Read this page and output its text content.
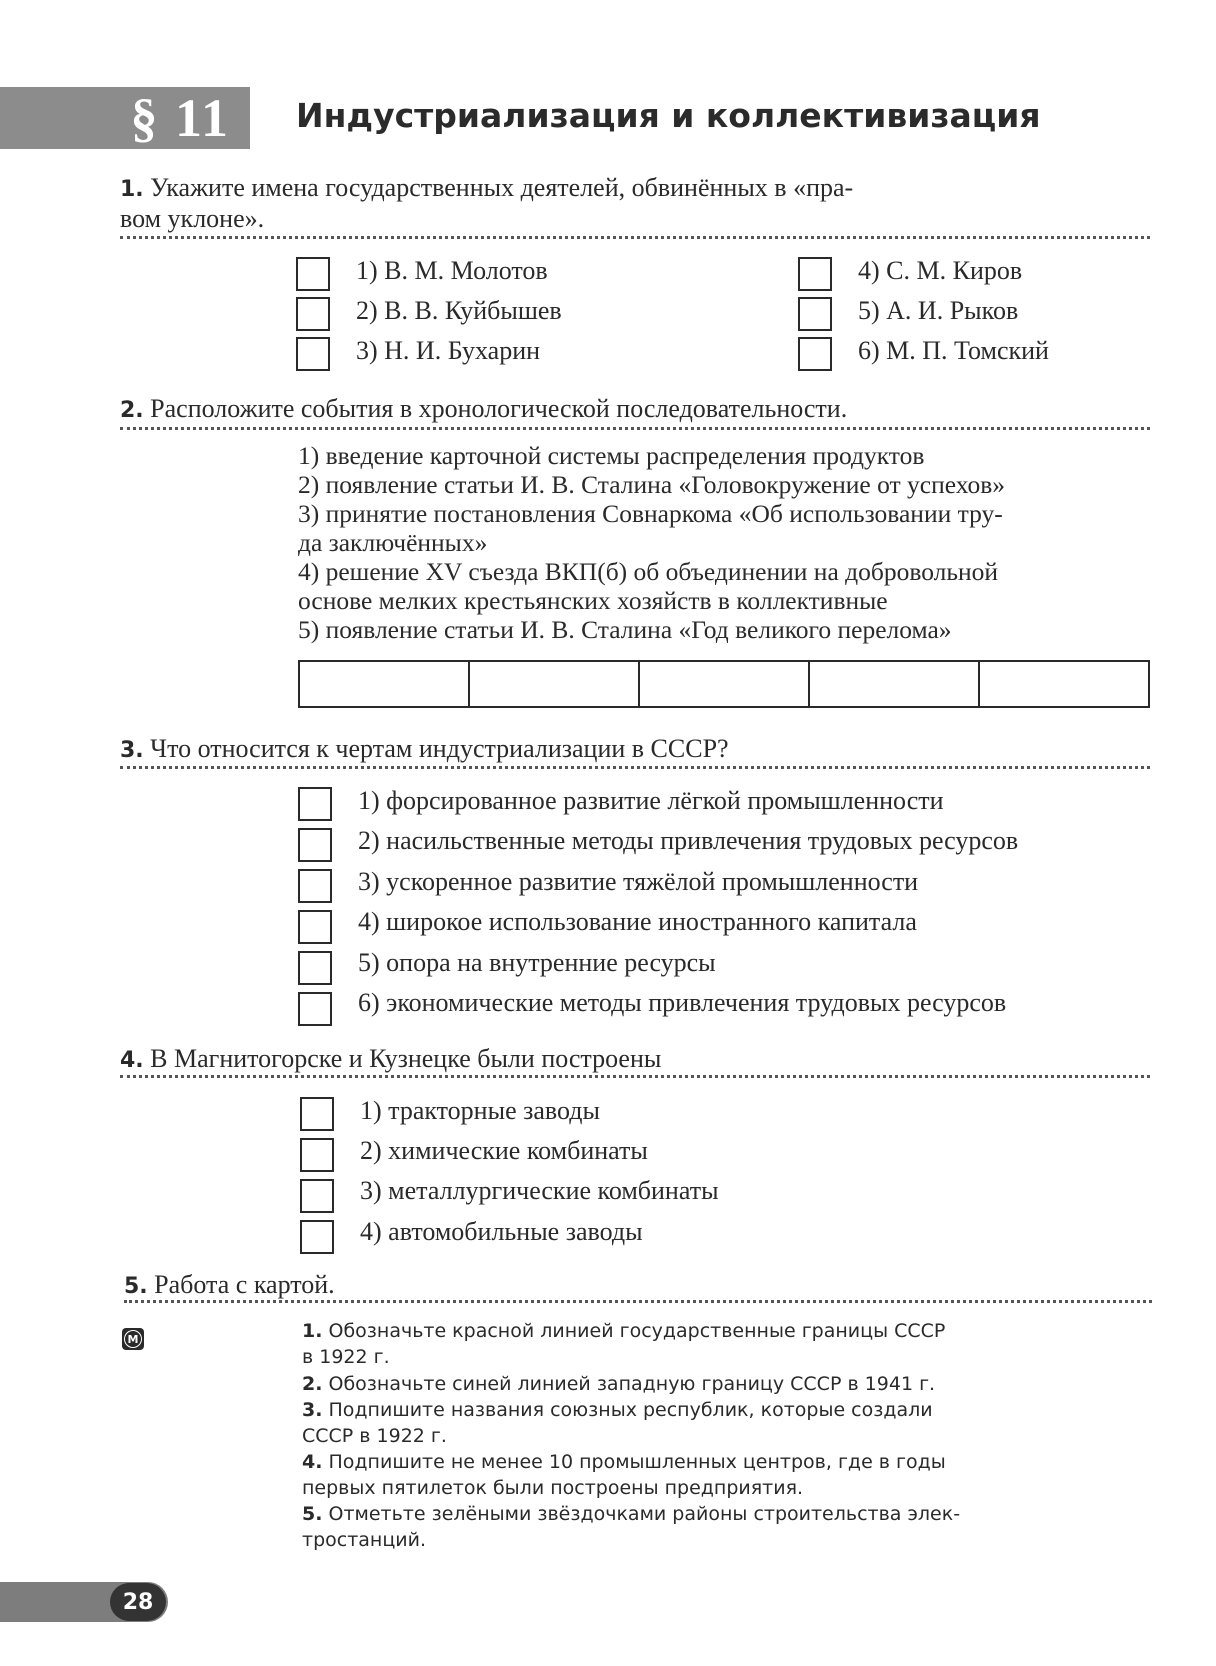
§ 11	Индустриализация и коллективизация
1. Укажите имена государственных деятелей, обвинённых в «пра-
вом уклоне».
1) В. М. Молотов
2) В. В. Куйбышев
3) Н. И. Бухарин
4) С. М. Киров
5) А. И. Рыков
6) М. П. Томский
2. Расположите события в хронологической последовательности.
1) введение карточной системы распределения продуктов
2) появление статьи И. В. Сталина «Головокружение от успехов»
3) принятие постановления Совнаркома «Об использовании тру-
да заключённых»
4) решение XV съезда ВКП(б) об объединении на добровольной
основе мелких крестьянских хозяйств в коллективные
5) появление статьи И. В. Сталина «Год великого перелома»
3. Что относится к чертам индустриализации в СССР?
1) форсированное развитие лёгкой промышленности
2) насильственные методы привлечения трудовых ресурсов
3) ускоренное развитие тяжёлой промышленности
4) широкое использование иностранного капитала
5) опора на внутренние ресурсы
6) экономические методы привлечения трудовых ресурсов
4. В Магнитогорске и Кузнецке были построены
1) тракторные заводы
2) химические комбинаты
3) металлургические комбинаты
4) автомобильные заводы
5. Работа с картой.
М	1. Обозначьте красной линией государственные границы СССР
в 1922 г.
2. Обозначьте синей линией западную границу СССР в 1941 г.
3. Подпишите названия союзных республик, которые создали
СССР в 1922 г.
4. Подпишите не менее 10 промышленных центров, где в годы
первых пятилеток были построены предприятия.
5. Отметьте зелёными звёздочками районы строительства элек-
тростанций.
28
